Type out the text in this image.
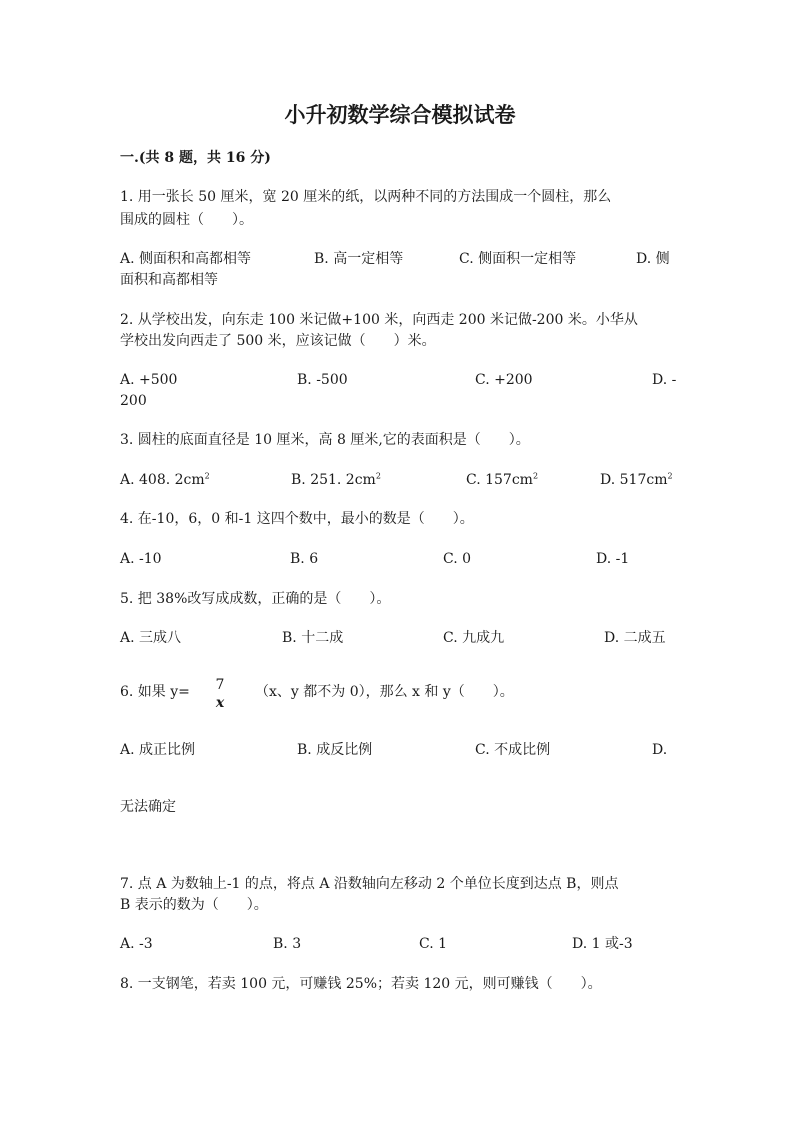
小升初数学综合模拟试卷
一.(共 8 题，共 16 分)
1. 用一张长 50 厘米，宽 20 厘米的纸，以两种不同的方法围成一个圆柱，那么
围成的圆柱（　　）。
A. 侧面积和高都相等	B. 高一定相等	C. 侧面积一定相等	D. 侧
面积和高都相等
2. 从学校出发，向东走 100 米记做+100 米，向西走 200 米记做-200 米。小华从
学校出发向西走了 500 米，应该记做（　　）米。
A. +500	B. -500	C. +200	D. -
200
3. 圆柱的底面直径是 10 厘米，高 8 厘米,它的表面积是（　　）。
A. 408. $2cm^2$	B. 251. $2cm^2$	C. $157cm^2$	D. $517cm^2$
4. 在-10，6，0 和-1 这四个数中，最小的数是（　　）。
A. -10	B. 6	C. 0	D. -1
5. 把 38%改写成成数，正确的是（　　）。
A. 三成八	B. 十二成	C. 九成九	D. 二成五
6. 如果 y= 7
x
（x、y 都不为 0），那么 x 和 y（　　）。
A. 成正比例	B. 成反比例	C. 不成比例	D.
无法确定
7. 点 A 为数轴上-1 的点，将点 A 沿数轴向左移动 2 个单位长度到达点 B，则点
B 表示的数为（　　）。
A. -3	B. 3	C. 1	D. 1 或-3
8. 一支钢笔，若卖 100 元，可赚钱 25%；若卖 120 元，则可赚钱（　　）。
